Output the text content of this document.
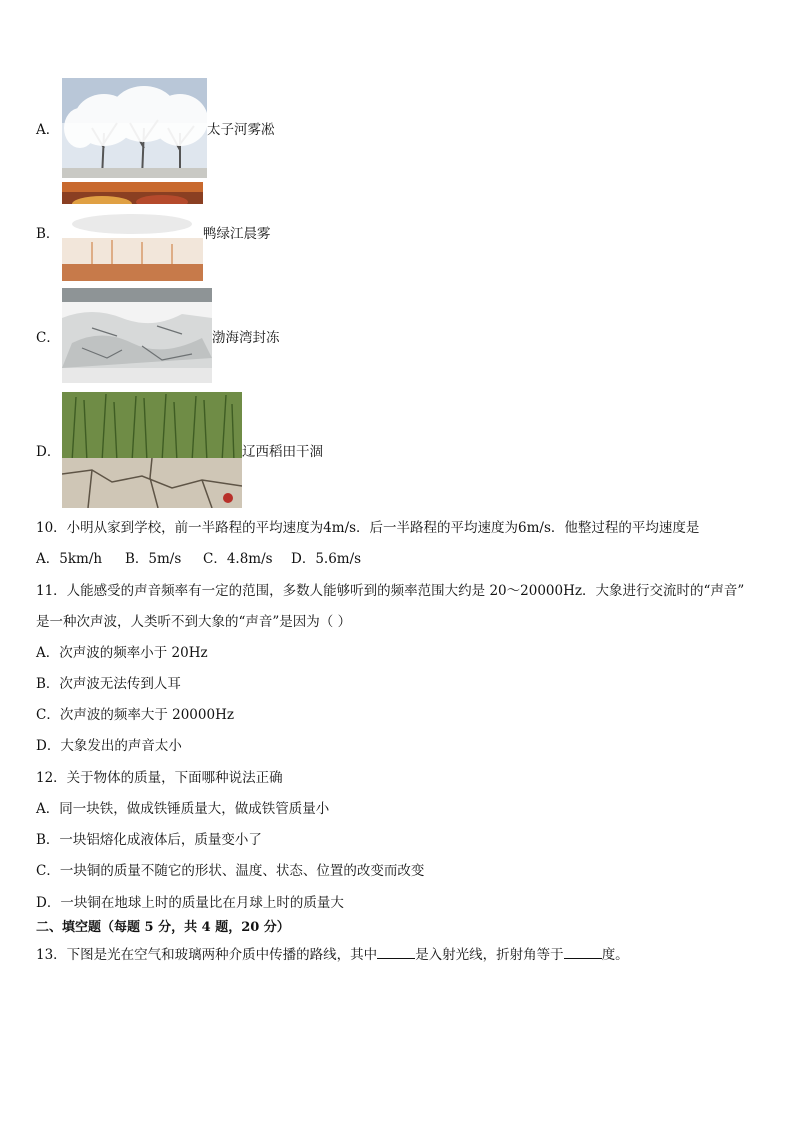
A．	太子河雾凇
B．	鸭绿江晨雾
C．	渤海湾封冻
D．	辽西稻田干涸
10．小明从家到学校，前一半路程的平均速度为4m/s．后一半路程的平均速度为6m/s．他整过程的平均速度是
A．5km/h B．5m/s C．4.8m/s D．5.6m/s
11．人能感受的声音频率有一定的范围，多数人能够听到的频率范围大约是 20～20000Hz．大象进行交流时的“声音”
是一种次声波，人类听不到大象的“声音”是因为（ ）
A．次声波的频率小于 20Hz
B．次声波无法传到人耳
C．次声波的频率大于 20000Hz
D．大象发出的声音太小
12．关于物体的质量，下面哪种说法正确
A．同一块铁，做成铁锤质量大，做成铁管质量小
B．一块铝熔化成液体后，质量变小了
C．一块铜的质量不随它的形状、温度、状态、位置的改变而改变
D．一块铜在地球上时的质量比在月球上时的质量大
二、填空题（每题 5 分，共 4 题，20 分）
13．下图是光在空气和玻璃两种介质中传播的路线，其中	是入射光线，折射角等于	度。
